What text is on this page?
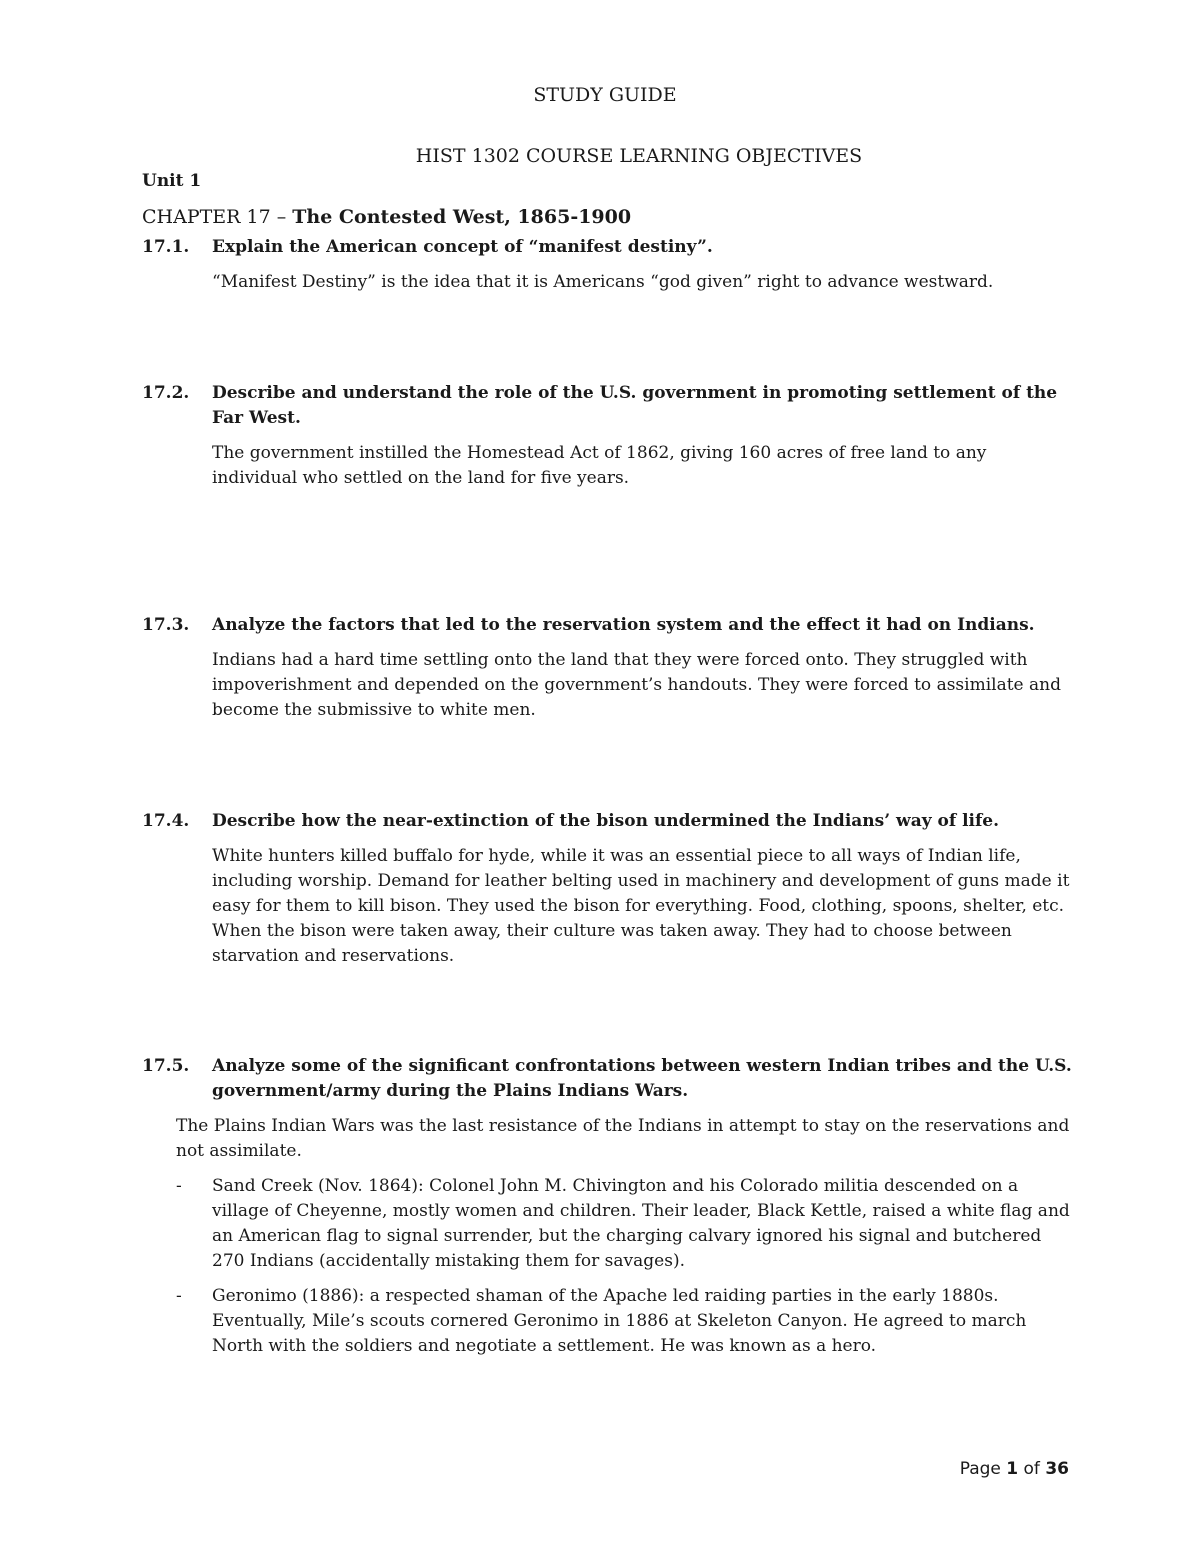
STUDY GUIDE
HIST 1302 COURSE LEARNING OBJECTIVES
Unit 1
CHAPTER 17 – The Contested West, 1865-1900
17.1. Explain the American concept of “manifest destiny”.
“Manifest Destiny” is the idea that it is Americans “god given” right to advance westward.
17.2. Describe and understand the role of the U.S. government in promoting settlement of the Far West.
The government instilled the Homestead Act of 1862, giving 160 acres of free land to any individual who settled on the land for five years.
17.3. Analyze the factors that led to the reservation system and the effect it had on Indians.
Indians had a hard time settling onto the land that they were forced onto. They struggled with impoverishment and depended on the government’s handouts. They were forced to assimilate and become the submissive to white men.
17.4. Describe how the near-extinction of the bison undermined the Indians’ way of life.
White hunters killed buffalo for hyde, while it was an essential piece to all ways of Indian life, including worship. Demand for leather belting used in machinery and development of guns made it easy for them to kill bison. They used the bison for everything. Food, clothing, spoons, shelter, etc. When the bison were taken away, their culture was taken away. They had to choose between starvation and reservations.
17.5. Analyze some of the significant confrontations between western Indian tribes and the U.S. government/army during the Plains Indians Wars.
The Plains Indian Wars was the last resistance of the Indians in attempt to stay on the reservations and not assimilate.
- Sand Creek (Nov. 1864): Colonel John M. Chivington and his Colorado militia descended on a village of Cheyenne, mostly women and children. Their leader, Black Kettle, raised a white flag and an American flag to signal surrender, but the charging calvary ignored his signal and butchered 270 Indians (accidentally mistaking them for savages).
- Geronimo (1886): a respected shaman of the Apache led raiding parties in the early 1880s. Eventually, Mile’s scouts cornered Geronimo in 1886 at Skeleton Canyon. He agreed to march North with the soldiers and negotiate a settlement. He was known as a hero.
Page 1 of 36
